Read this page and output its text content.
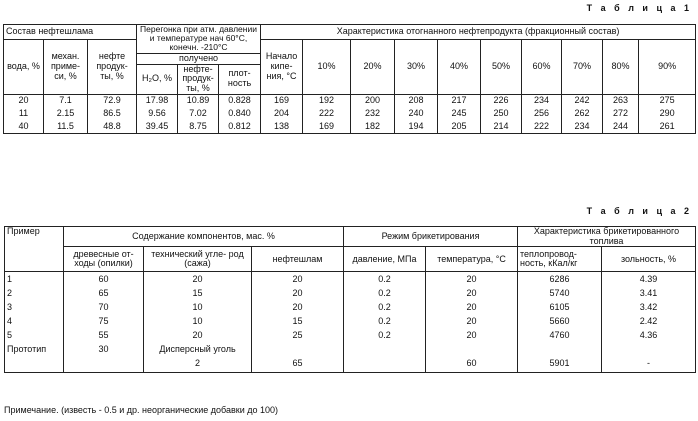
Т а б л и ц а 1
Состав нефтешлама			Перегонка при атм. давлении и температуре нач 60°С, конечн. -210°С			Характеристика отогнанного нефтепродукта (фракционный состав)									
вода, %	механ. приме- си, %	нефте продук- ты, %				Начало кипе- ния, °C	10%	20%	30%	40%	50%	60%	70%	80%	90%
			получено												
			H₂O, %	нефте- продук- ты, %	плот- ность										
20	7.1	72.9	17.98	10.89	0.828	169	192	200	208	217	226	234	242	263	275
11	2.15	86.5	9.56	7.02	0.840	204	222	232	240	245	250	256	262	272	290
40	11.5	48.8	39.45	8.75	0.812	138	169	182	194	205	214	222	234	244	261
Т а б л и ц а 2
Пример	Содержание компонентов, мас. %			Режим брикетирования		Характеристика брикетированного топлива	
	древесные от- ходы (опилки)	технический угле- род (сажа)	нефтешлам	давление, МПа	температура, °C	теплопровод- ность, кКал/кг	зольность, %
1	60	20	20	0.2	20	6286	4.39
2	65	15	20	0.2	20	5740	3.41
3	70	10	20	0.2	20	6105	3.42
4	75	10	15	0.2	20	5660	2.42
5	55	20	25	0.2	20	4760	4.36
Прототип	30	Дисперсный уголь					
		2	65		60	5901	-
Примечание. (известь - 0.5 и др. неорганические добавки до 100)
